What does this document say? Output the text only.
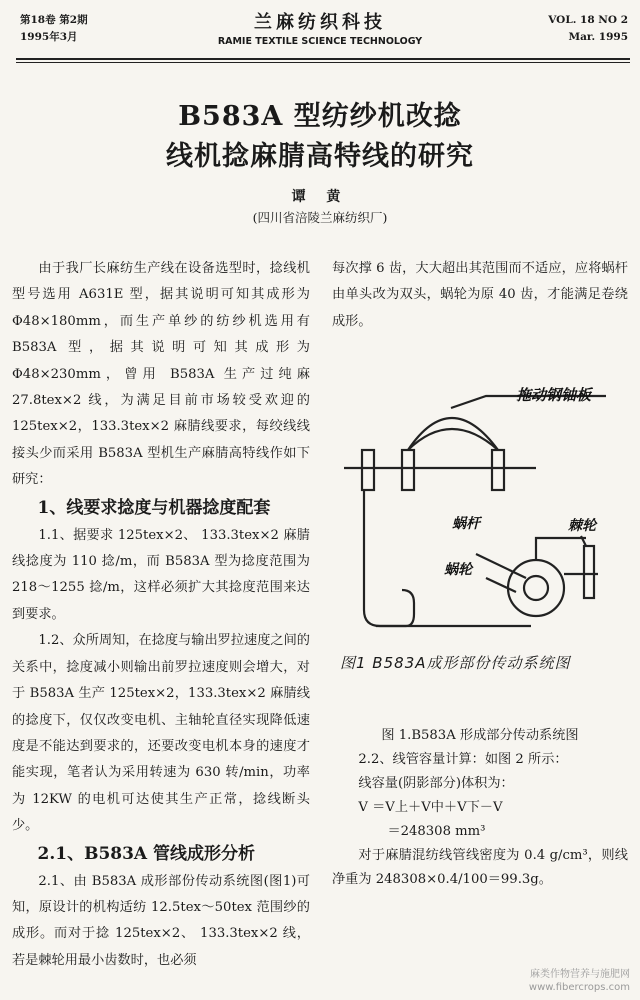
第18卷 第2期
1995年3月
兰麻纺织科技
RAMIE TEXTILE SCIENCE TECHNOLOGY
VOL. 18 NO 2
Mar. 1995
B583A 型纺纱机改捻
线机捻麻腈高特线的研究
谭 黄
(四川省涪陵兰麻纺织厂)

由于我厂长麻纺生产线在设备选型时，捻线机型号选用 A631E 型，据其说明可知其成形为 Φ48×180mm，而生产单纱的纺纱机选用有 B583A 型，据其说明可知其成形为 Φ48×230mm，曾用 B583A 生产过纯麻 27.8tex×2 线，为满足目前市场较受欢迎的 125tex×2，133.3tex×2 麻腈线要求，每绞线线接头少而采用 B583A 型机生产麻腈高特线作如下研究：

1、线要求捻度与机器捻度配套

1.1、据要求 125tex×2、 133.3tex×2 麻腈线捻度为 110 捻/m，而 B583A 型为捻度范围为 218～1255 捻/m，这样必须扩大其捻度范围来达到要求。

1.2、众所周知，在捻度与输出罗拉速度之间的关系中，捻度减小则输出前罗拉速度则会增大，对于 B583A 生产 125tex×2，133.3tex×2 麻腈线的捻度下，仅仅改变电机、主轴轮直径实现降低速度是不能达到要求的，还要改变电机本身的速度才能实现，笔者认为采用转速为 630 转/min，功率为 12KW 的电机可达使其生产正常，捻线断头少。

2.1、B583A 管线成形分析

2.1、由 B583A 成形部份传动系统图(图1)可知，原设计的机构适纺 12.5tex～50tex 范围纱的成形。而对于捻 125tex×2、 133.3tex×2 线，若是棘轮用最小齿数时，也必须

每次撑 6 齿，大大超出其范围而不适应，应将蜗杆由单头改为双头，蜗轮为原 40 齿，才能满足卷绕成形。

拖动钢铀板
蜗杆	棘轮
蜗轮
图1 B583A成形部份传动系统图

图 1.B583A 形成部分传动系统图

2.2、线管容量计算：如图 2 所示：

线容量(阴影部分)体积为：

V ＝V上＋V中＋V下－V

＝248308 mm³

对于麻腈混纺线管线密度为 0.4 g/cm³，则线净重为 248308×0.4/100＝99.3g。

麻类作物营养与施肥网
www.fibercrops.com
